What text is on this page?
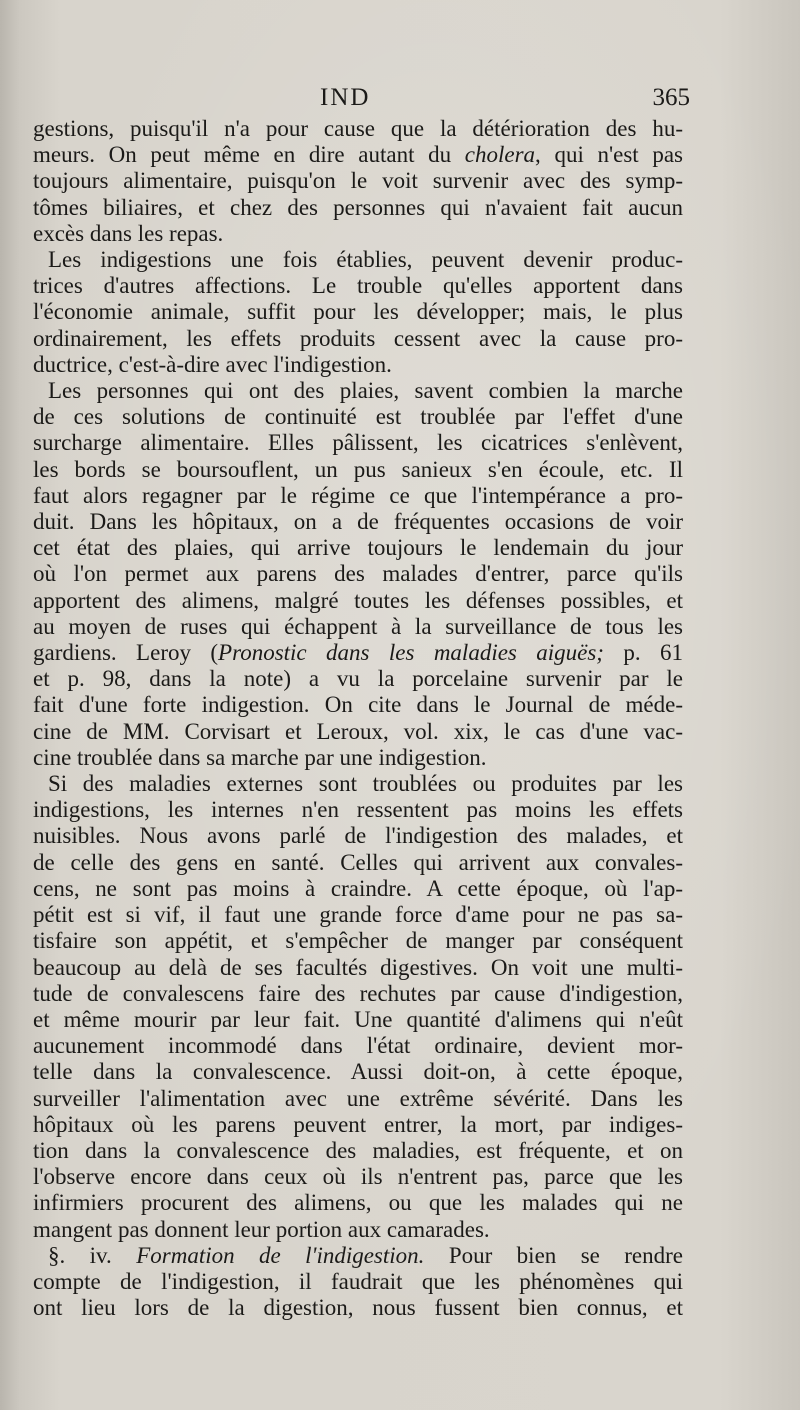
IND	365
gestions, puisqu'il n'a pour cause que la détérioration des hu-
meurs. On peut même en dire autant du cholera, qui n'est pas
toujours alimentaire, puisqu'on le voit survenir avec des symp-
tômes biliaires, et chez des personnes qui n'avaient fait aucun
excès dans les repas.
Les indigestions une fois établies, peuvent devenir produc-
trices d'autres affections. Le trouble qu'elles apportent dans
l'économie animale, suffit pour les développer; mais, le plus
ordinairement, les effets produits cessent avec la cause pro-
ductrice, c'est-à-dire avec l'indigestion.
Les personnes qui ont des plaies, savent combien la marche
de ces solutions de continuité est troublée par l'effet d'une
surcharge alimentaire. Elles pâlissent, les cicatrices s'enlèvent,
les bords se boursouflent, un pus sanieux s'en écoule, etc. Il
faut alors regagner par le régime ce que l'intempérance a pro-
duit. Dans les hôpitaux, on a de fréquentes occasions de voir
cet état des plaies, qui arrive toujours le lendemain du jour
où l'on permet aux parens des malades d'entrer, parce qu'ils
apportent des alimens, malgré toutes les défenses possibles, et
au moyen de ruses qui échappent à la surveillance de tous les
gardiens. Leroy (Pronostic dans les maladies aiguës; p. 61
et p. 98, dans la note) a vu la porcelaine survenir par le
fait d'une forte indigestion. On cite dans le Journal de méde-
cine de MM. Corvisart et Leroux, vol. xix, le cas d'une vac-
cine troublée dans sa marche par une indigestion.
Si des maladies externes sont troublées ou produites par les
indigestions, les internes n'en ressentent pas moins les effets
nuisibles. Nous avons parlé de l'indigestion des malades, et
de celle des gens en santé. Celles qui arrivent aux convales-
cens, ne sont pas moins à craindre. A cette époque, où l'ap-
pétit est si vif, il faut une grande force d'ame pour ne pas sa-
tisfaire son appétit, et s'empêcher de manger par conséquent
beaucoup au delà de ses facultés digestives. On voit une multi-
tude de convalescens faire des rechutes par cause d'indigestion,
et même mourir par leur fait. Une quantité d'alimens qui n'eût
aucunement incommodé dans l'état ordinaire, devient mor-
telle dans la convalescence. Aussi doit-on, à cette époque,
surveiller l'alimentation avec une extrême sévérité. Dans les
hôpitaux où les parens peuvent entrer, la mort, par indiges-
tion dans la convalescence des maladies, est fréquente, et on
l'observe encore dans ceux où ils n'entrent pas, parce que les
infirmiers procurent des alimens, ou que les malades qui ne
mangent pas donnent leur portion aux camarades.
§. iv. Formation de l'indigestion. Pour bien se rendre
compte de l'indigestion, il faudrait que les phénomènes qui
ont lieu lors de la digestion, nous fussent bien connus, et
